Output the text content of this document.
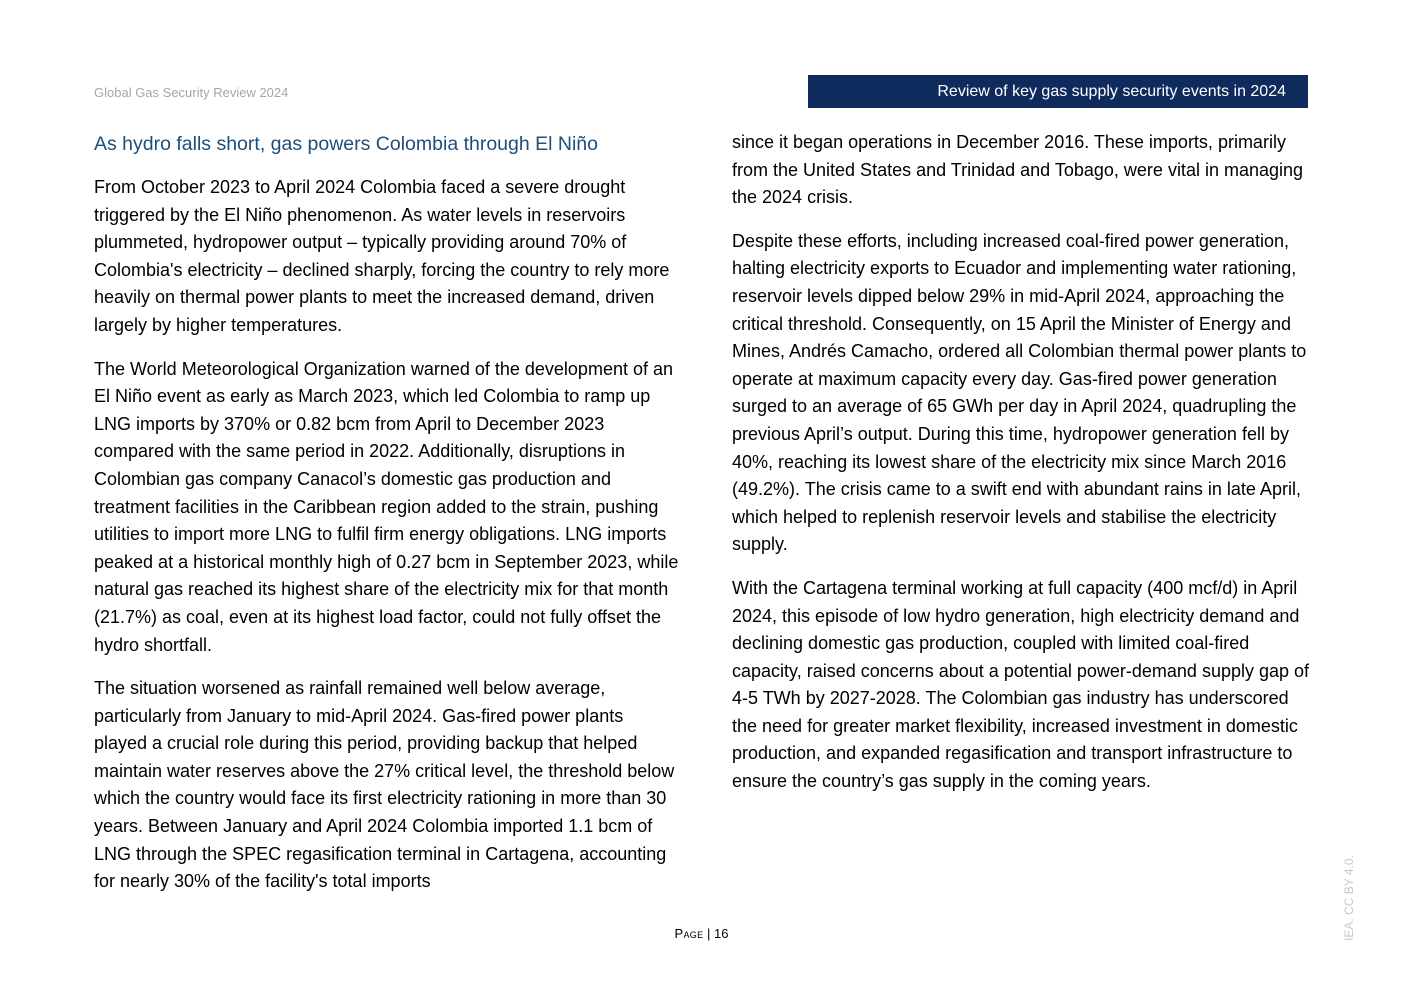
Global Gas Security Review 2024	Review of key gas supply security events in 2024
As hydro falls short, gas powers Colombia through El Niño

From October 2023 to April 2024 Colombia faced a severe drought triggered by the El Niño phenomenon. As water levels in reservoirs plummeted, hydropower output – typically providing around 70% of Colombia's electricity – declined sharply, forcing the country to rely more heavily on thermal power plants to meet the increased demand, driven largely by higher temperatures.

The World Meteorological Organization warned of the development of an El Niño event as early as March 2023, which led Colombia to ramp up LNG imports by 370% or 0.82 bcm from April to December 2023 compared with the same period in 2022. Additionally, disruptions in Colombian gas company Canacol’s domestic gas production and treatment facilities in the Caribbean region added to the strain, pushing utilities to import more LNG to fulfil firm energy obligations. LNG imports peaked at a historical monthly high of 0.27 bcm in September 2023, while natural gas reached its highest share of the electricity mix for that month (21.7%) as coal, even at its highest load factor, could not fully offset the hydro shortfall.

The situation worsened as rainfall remained well below average, particularly from January to mid-April 2024. Gas-fired power plants played a crucial role during this period, providing backup that helped maintain water reserves above the 27% critical level, the threshold below which the country would face its first electricity rationing in more than 30 years. Between January and April 2024 Colombia imported 1.1 bcm of LNG through the SPEC regasification terminal in Cartagena, accounting for nearly 30% of the facility's total imports

since it began operations in December 2016. These imports, primarily from the United States and Trinidad and Tobago, were vital in managing the 2024 crisis.

Despite these efforts, including increased coal-fired power generation, halting electricity exports to Ecuador and implementing water rationing, reservoir levels dipped below 29% in mid-April 2024, approaching the critical threshold. Consequently, on 15 April the Minister of Energy and Mines, Andrés Camacho, ordered all Colombian thermal power plants to operate at maximum capacity every day. Gas-fired power generation surged to an average of 65 GWh per day in April 2024, quadrupling the previous April’s output. During this time, hydropower generation fell by 40%, reaching its lowest share of the electricity mix since March 2016 (49.2%). The crisis came to a swift end with abundant rains in late April, which helped to replenish reservoir levels and stabilise the electricity supply.

With the Cartagena terminal working at full capacity (400 mcf/d) in April 2024, this episode of low hydro generation, high electricity demand and declining domestic gas production, coupled with limited coal-fired capacity, raised concerns about a potential power-demand supply gap of 4-5 TWh by 2027-2028. The Colombian gas industry has underscored the need for greater market flexibility, increased investment in domestic production, and expanded regasification and transport infrastructure to ensure the country’s gas supply in the coming years.

Page | 16	IEA. CC BY 4.0.
